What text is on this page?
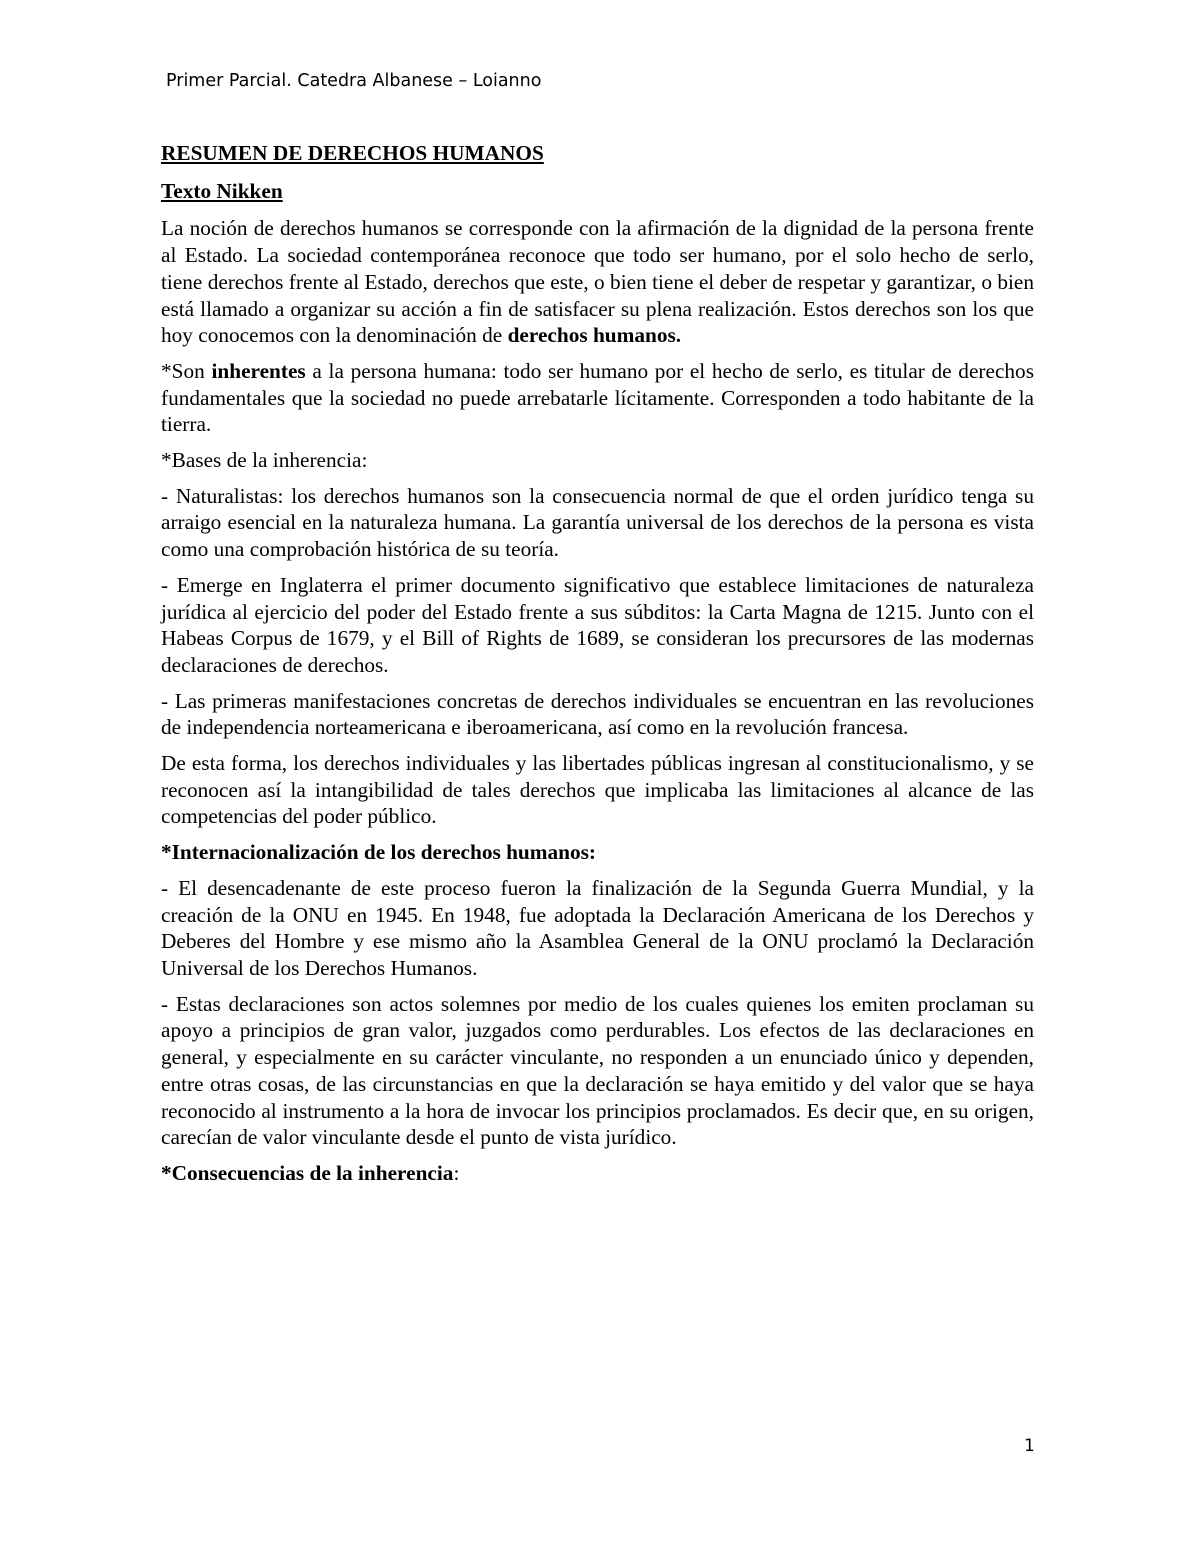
Primer Parcial. Catedra Albanese – Loianno

RESUMEN DE DERECHOS HUMANOS

Texto Nikken

La noción de derechos humanos se corresponde con la afirmación de la dignidad de la persona frente al Estado. La sociedad contemporánea reconoce que todo ser humano, por el solo hecho de serlo, tiene derechos frente al Estado, derechos que este, o bien tiene el deber de respetar y garantizar, o bien está llamado a organizar su acción a fin de satisfacer su plena realización. Estos derechos son los que hoy conocemos con la denominación de derechos humanos.

*Son inherentes a la persona humana: todo ser humano por el hecho de serlo, es titular de derechos fundamentales que la sociedad no puede arrebatarle lícitamente. Corresponden a todo habitante de la tierra.

*Bases de la inherencia:

- Naturalistas: los derechos humanos son la consecuencia normal de que el orden jurídico tenga su arraigo esencial en la naturaleza humana. La garantía universal de los derechos de la persona es vista como una comprobación histórica de su teoría.

- Emerge en Inglaterra el primer documento significativo que establece limitaciones de naturaleza jurídica al ejercicio del poder del Estado frente a sus súbditos: la Carta Magna de 1215. Junto con el Habeas Corpus de 1679, y el Bill of Rights de 1689, se consideran los precursores de las modernas declaraciones de derechos.

- Las primeras manifestaciones concretas de derechos individuales se encuentran en las revoluciones de independencia norteamericana e iberoamericana, así como en la revolución francesa.

De esta forma, los derechos individuales y las libertades públicas ingresan al constitucionalismo, y se reconocen así la intangibilidad de tales derechos que implicaba las limitaciones al alcance de las competencias del poder público.

*Internacionalización de los derechos humanos:

- El desencadenante de este proceso fueron la finalización de la Segunda Guerra Mundial, y la creación de la ONU en 1945. En 1948, fue adoptada la Declaración Americana de los Derechos y Deberes del Hombre y ese mismo año la Asamblea General de la ONU proclamó la Declaración Universal de los Derechos Humanos.

- Estas declaraciones son actos solemnes por medio de los cuales quienes los emiten proclaman su apoyo a principios de gran valor, juzgados como perdurables. Los efectos de las declaraciones en general, y especialmente en su carácter vinculante, no responden a un enunciado único y dependen, entre otras cosas, de las circunstancias en que la declaración se haya emitido y del valor que se haya reconocido al instrumento a la hora de invocar los principios proclamados. Es decir que, en su origen, carecían de valor vinculante desde el punto de vista jurídico.

*Consecuencias de la inherencia:

1
